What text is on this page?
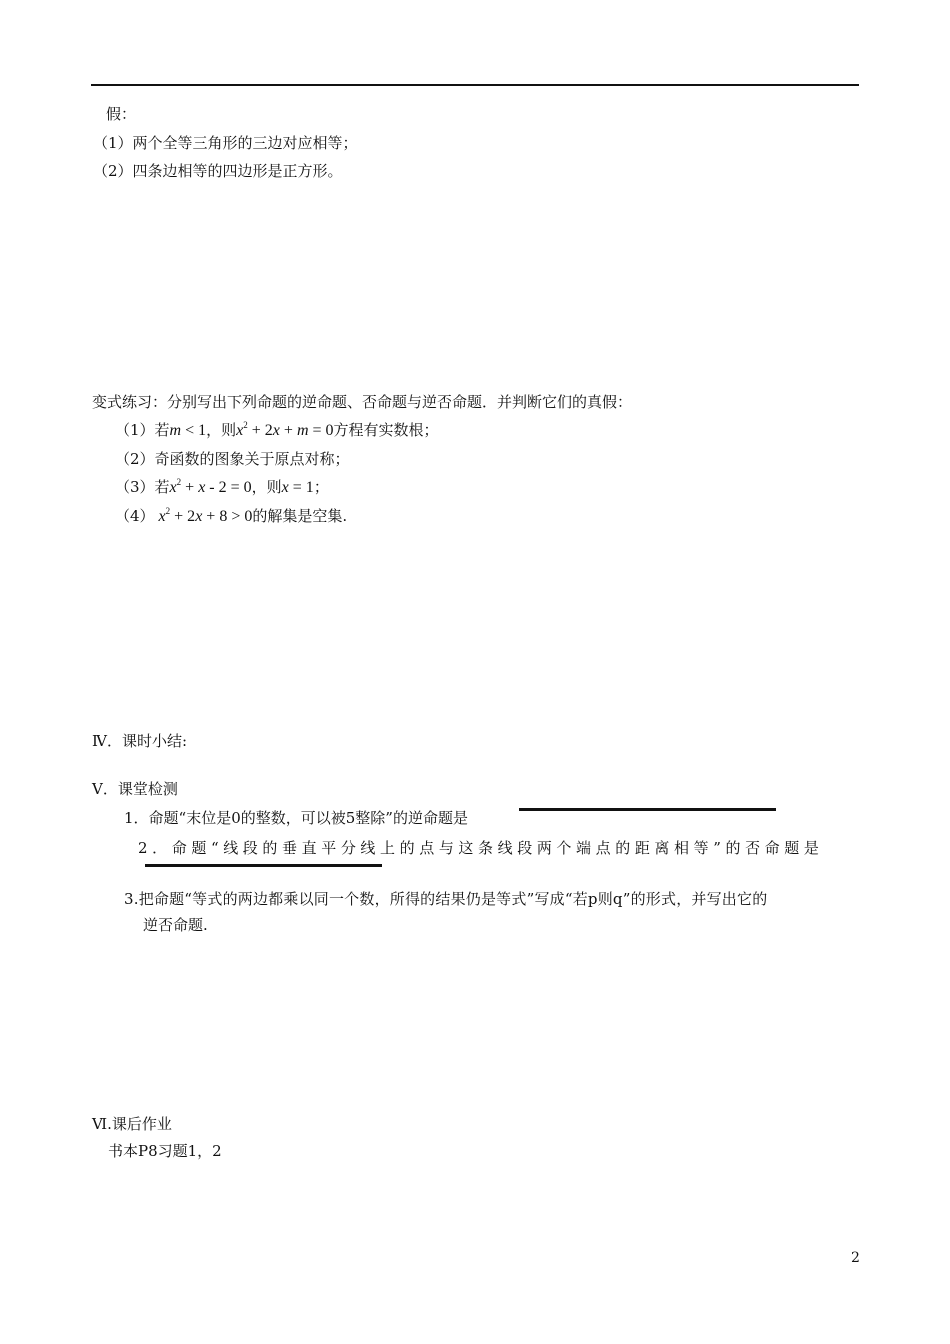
假：
（1）两个全等三角形的三边对应相等；
（2）四条边相等的四边形是正方形。
变式练习：分别写出下列命题的逆命题、否命题与逆否命题．并判断它们的真假：
（1）若m < 1，则$x^2 + 2x + m = 0$方程有实数根；
（2）奇函数的图象关于原点对称；
（3）若$x^2 + x - 2 = 0$，则x = 1；
（4） $x^2 + 2x + 8 > 0$的解集是空集.
Ⅳ．课时小结:
Ⅴ．课堂检测
1．命题“末位是0的整数，可以被5整除”的逆命题是
2．命题“线段的垂直平分线上的点与这条线段两个端点的距离相等”的否命题是
3.把命题“等式的两边都乘以同一个数，所得的结果仍是等式”写成“若p则q”的形式，并写出它的
逆否命题.
Ⅵ.课后作业
书本P8习题1，2
2
